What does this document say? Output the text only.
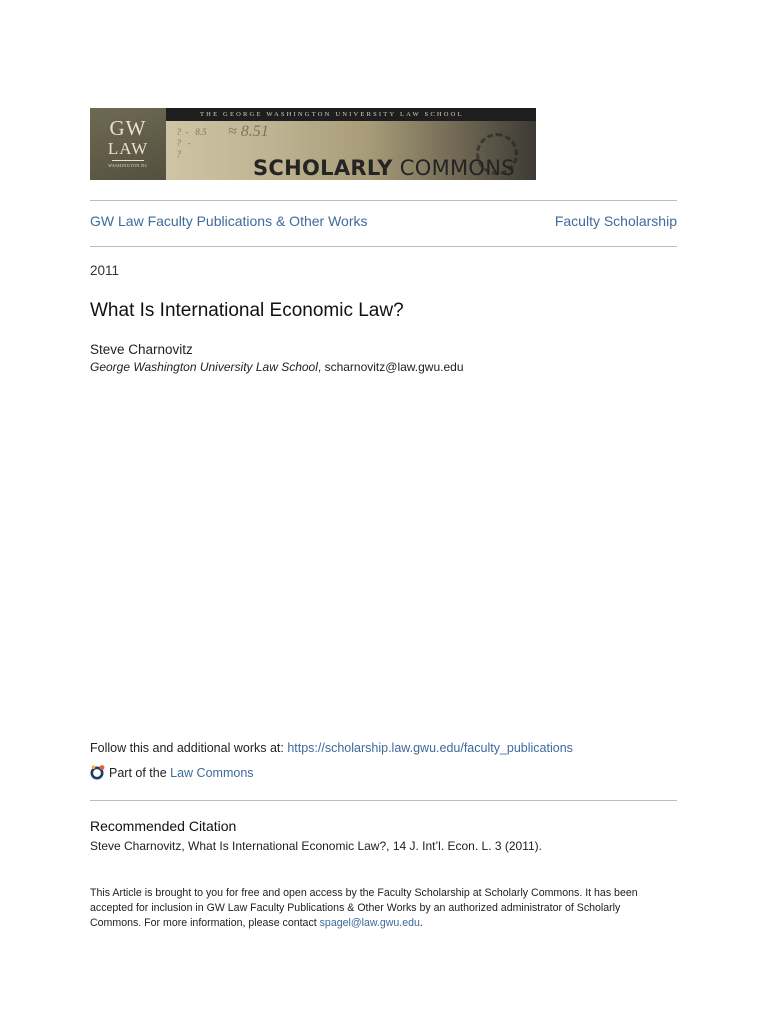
?  -   8.5
?   -
?
≈ 8.51
SCHOLARLY COMMONS
THE GEORGE WASHINGTON UNIVERSITY LAW SCHOOL
GW
LAW
WASHINGTON DC
GW Law Faculty Publications & Other Works	Faculty Scholarship
2011
What Is International Economic Law?
Steve Charnovitz
George Washington University Law School, scharnovitz@law.gwu.edu
Follow this and additional works at: https://scholarship.law.gwu.edu/faculty_publications
Part of the Law Commons
Recommended Citation
Steve Charnovitz, What Is International Economic Law?, 14 J. Int’l. Econ. L. 3 (2011).
This Article is brought to you for free and open access by the Faculty Scholarship at Scholarly Commons. It has been accepted for inclusion in GW Law Faculty Publications & Other Works by an authorized administrator of Scholarly Commons. For more information, please contact spagel@law.gwu.edu.
